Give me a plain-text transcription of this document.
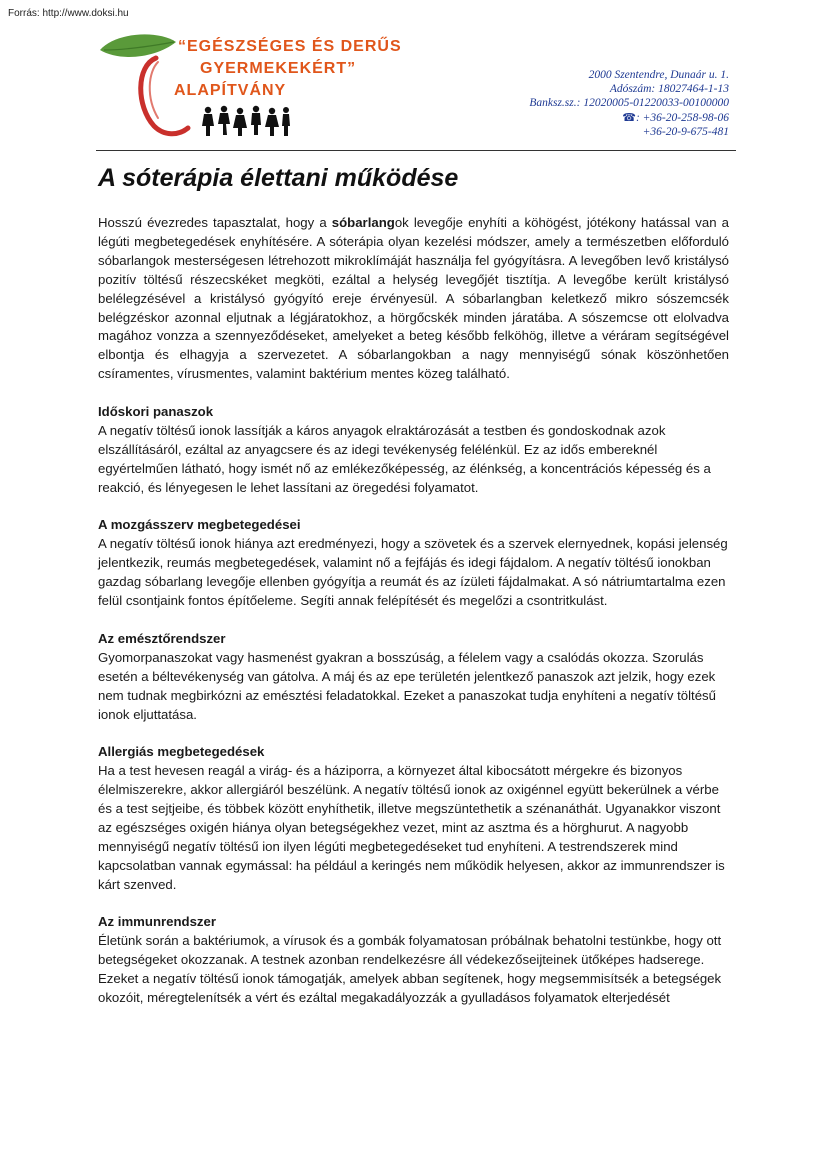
Forrás: http://www.doksi.hu
“EGÉSZSÉGES ÉS DERŰS
GYERMEKEKÉRT”
ALAPÍTVÁNY
2000 Szentendre, Dunaár u. 1.
Adószám: 18027464-1-13
Banksz.sz.: 12020005-01220033-00100000
☎: +36-20-258-98-06
+36-20-9-675-481
A sóterápia élettani működése

Hosszú évezredes tapasztalat, hogy a sóbarlangok levegője enyhíti a köhögést, jótékony hatással van a légúti megbetegedések enyhítésére. A sóterápia olyan kezelési módszer, amely a természetben előforduló sóbarlangok mesterségesen létrehozott mikroklímáját használja fel gyógyításra. A levegőben levő kristálysó pozitív töltésű részecskéket megköti, ezáltal a helység levegőjét tisztítja. A levegőbe került kristálysó belélegzésével a kristálysó gyógyító ereje érvényesül. A sóbarlangban keletkező mikro sószemcsék belégzéskor azonnal eljutnak a légjáratokhoz, a hörgőcskék minden járatába. A sószemcse ott elolvadva magához vonzza a szennyeződéseket, amelyeket a beteg később felköhög, illetve a véráram segítségével elbontja és elhagyja a szervezetet. A sóbarlangokban a nagy mennyiségű sónak köszönhetően csíramentes, vírusmentes, valamint baktérium mentes közeg található.

Időskori panaszok

A negatív töltésű ionok lassítják a káros anyagok elraktározását a testben és gondoskodnak azok elszállításáról, ezáltal az anyagcsere és az idegi tevékenység felélénkül. Ez az idős embereknél egyértelműen látható, hogy ismét nő az emlékezőképesség, az élénkség, a koncentrációs képesség és a reakció, és lényegesen le lehet lassítani az öregedési folyamatot.

A mozgásszerv megbetegedései

A negatív töltésű ionok hiánya azt eredményezi, hogy a szövetek és a szervek elernyednek, kopási jelenség jelentkezik, reumás megbetegedések, valamint nő a fejfájás és idegi fájdalom. A negatív töltésű ionokban gazdag sóbarlang levegője ellenben gyógyítja a reumát és az ízületi fájdalmakat. A só nátriumtartalma ezen felül csontjaink fontos építőeleme. Segíti annak felépítését és megelőzi a csontritkulást.

Az emésztőrendszer

Gyomorpanaszokat vagy hasmenést gyakran a bosszúság, a félelem vagy a csalódás okozza. Szorulás esetén a béltevékenység van gátolva. A máj és az epe területén jelentkező panaszok azt jelzik, hogy ezek nem tudnak megbirkózni az emésztési feladatokkal. Ezeket a panaszokat tudja enyhíteni a negatív töltésű ionok eljuttatása.

Allergiás megbetegedések

Ha a test hevesen reagál a virág- és a háziporra, a környezet által kibocsátott mérgekre és bizonyos élelmiszerekre, akkor allergiáról beszélünk. A negatív töltésű ionok az oxigénnel együtt bekerülnek a vérbe és a test sejtjeibe, és többek között enyhíthetik, illetve megszüntethetik a szénanáthát. Ugyanakkor viszont az egészséges oxigén hiánya olyan betegségekhez vezet, mint az asztma és a hörghurut. A nagyobb mennyiségű negatív töltésű ion ilyen légúti megbetegedéseket tud enyhíteni. A testrendszerek mind kapcsolatban vannak egymással: ha például a keringés nem működik helyesen, akkor az immunrendszer is kárt szenved.

Az immunrendszer

Életünk során a baktériumok, a vírusok és a gombák folyamatosan próbálnak behatolni testünkbe, hogy ott betegségeket okozzanak. A testnek azonban rendelkezésre áll védekezőseijteinek ütőképes hadserege. Ezeket a negatív töltésű ionok támogatják, amelyek abban segítenek, hogy megsemmisítsék a betegségek okozóit, méregtelenítsék a vért és ezáltal megakadályozzák a gyulladásos folyamatok elterjedését
